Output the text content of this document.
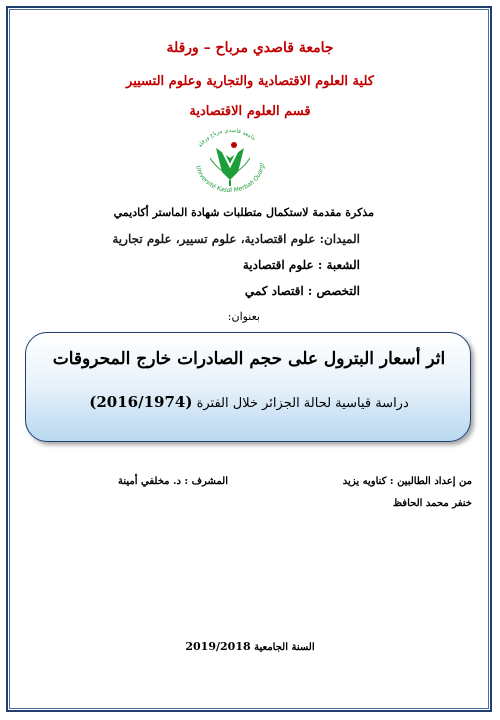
جامعة قاصدي مرباح – ورقلة
كلية العلوم الاقتصادية والتجارية وعلوم التسيير
قسم العلوم الاقتصادية
جامعة قاصدي مرباح ورقلة
Université Kasdi Merbah Ouargl
مذكرة مقدمة لاستكمال متطلبات شهادة الماستر أكاديمي
الميدان: علوم اقتصادية، علوم تسيير، علوم تجارية
الشعبة : علوم اقتصادية
التخصص : اقتصاد كمي
بعنوان:
اثر أسعار البترول على حجم الصادرات خارج المحروقات
دراسة قياسية لحالة الجزائر خلال الفترة (2016/1974)
من إعداد الطالبين : كناويه يزيد
خنفر محمد الحافظ
المشرف : د. مخلفي أمينة
السنة الجامعية 2019/2018
